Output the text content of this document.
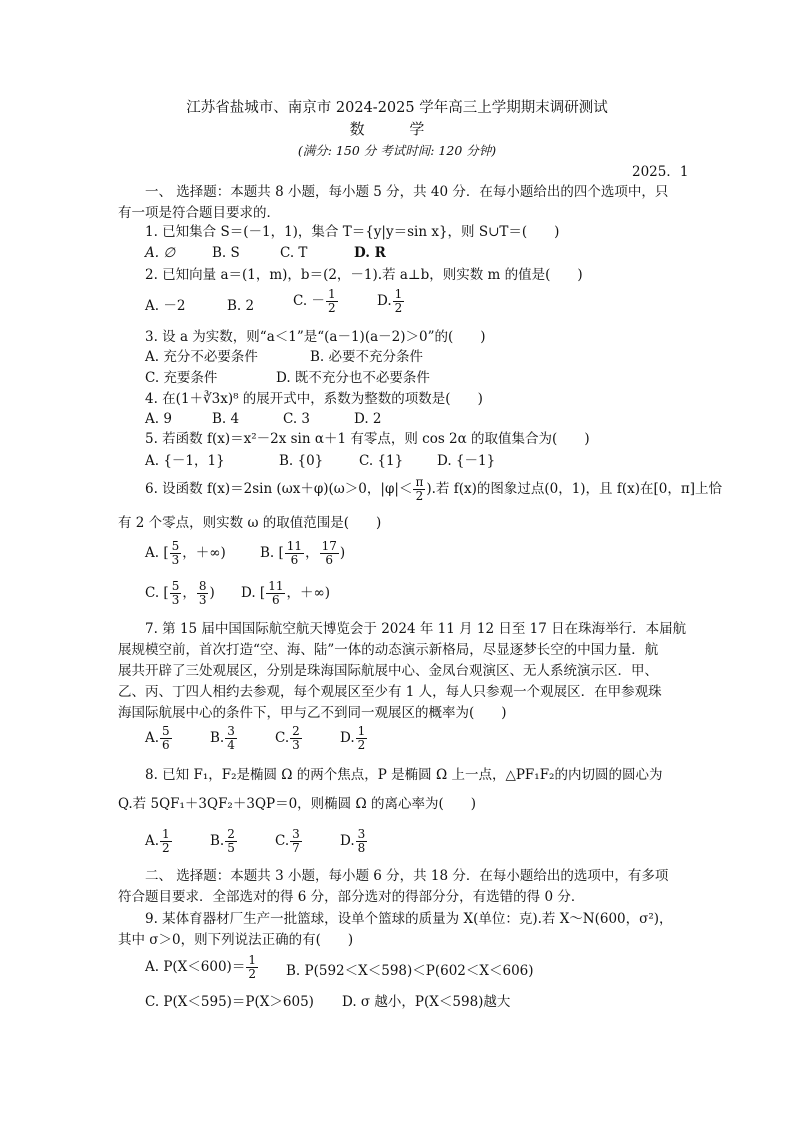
江苏省盐城市、南京市 2024-2025 学年高三上学期期末调研测试
数 学
(满分: 150 分 考试时间: 120 分钟)
2025．1
一、 选择题：本题共 8 小题，每小题 5 分，共 40 分．在每小题给出的四个选项中，只
有一项是符合题目要求的．
1. 已知集合 S＝(－1，1)，集合 T＝{y|y＝sin x}，则 S∪T＝(　　)
A. ∅	B. S	C. T	D. R
2. 已知向量 a＝(1，m)，b＝(2，－1).若 a⊥b，则实数 m 的值是(　　)
A. －2	B. 2	C. － $\frac{1}{2}$	D. $\frac{1}{2}$
3. 设 a 为实数，则“a＜1”是“(a－1)(a－2)＞0”的(　　)
A. 充分不必要条件	B. 必要不充分条件
C. 充要条件	D. 既不充分也不必要条件
4. 在(1＋∛3x)⁸ 的展开式中，系数为整数的项数是(　　)
A. 9	B. 4	C. 3	D. 2
5. 若函数 f(x)＝x²－2x sin α＋1 有零点，则 cos 2α 的取值集合为(　　)
A. {－1，1}	B. {0}	C. {1}	D. {－1}
6. 设函数 f(x)＝2sin (ωx＋φ)(ω＞0，$|\varphi|< \frac{\pi}{2}$ ).若 f(x)的图象过点(0，1)，且 f(x)在[0，π]上恰
有 2 个零点，则实数 ω 的取值范围是(　　)
A. [ $\frac{5}{3}$ ，＋∞)	B. [ $\frac{11}{6}$ ， $\frac{17}{6}$ )
C. [ $\frac{5}{3}$ ， $\frac{8}{3}$ ) D. [ $\frac{11}{6}$ ，＋∞)
7. 第 15 届中国国际航空航天博览会于 2024 年 11 月 12 日至 17 日在珠海举行．本届航
展规模空前，首次打造“空、海、陆”一体的动态演示新格局，尽显逐梦长空的中国力量．航
展共开辟了三处观展区，分别是珠海国际航展中心、金凤台观演区、无人系统演示区．甲、
乙、丙、丁四人相约去参观，每个观展区至少有 1 人，每人只参观一个观展区．在甲参观珠
海国际航展中心的条件下，甲与乙不到同一观展区的概率为(　　)
A. $\frac{5}{6}$	B. $\frac{3}{4}$	C. $\frac{2}{3}$	D. $\frac{1}{2}$
8. 已知 F₁，F₂是椭圆 Ω 的两个焦点，P 是椭圆 Ω 上一点，△PF₁F₂的内切圆的圆心为
Q.若 5QF₁＋3QF₂＋3QP＝0，则椭圆 Ω 的离心率为(　　)
A. $\frac{1}{2}$	B. $\frac{2}{5}$	C. $\frac{3}{7}$	D. $\frac{3}{8}$
二、 选择题：本题共 3 小题，每小题 6 分，共 18 分．在每小题给出的选项中，有多项
符合题目要求．全部选对的得 6 分，部分选对的得部分分，有选错的得 0 分．
9. 某体育器材厂生产一批篮球，设单个篮球的质量为 X(单位：克).若 X～N(600，σ²)，
其中 σ＞0，则下列说法正确的有(　　)
A. $P(X<600)= \frac{1}{2} B$. P(592＜X＜598)＜P(602＜X＜606)
C. P(X＜595)＝P(X＞605) D. σ 越小，P(X＜598)越大
